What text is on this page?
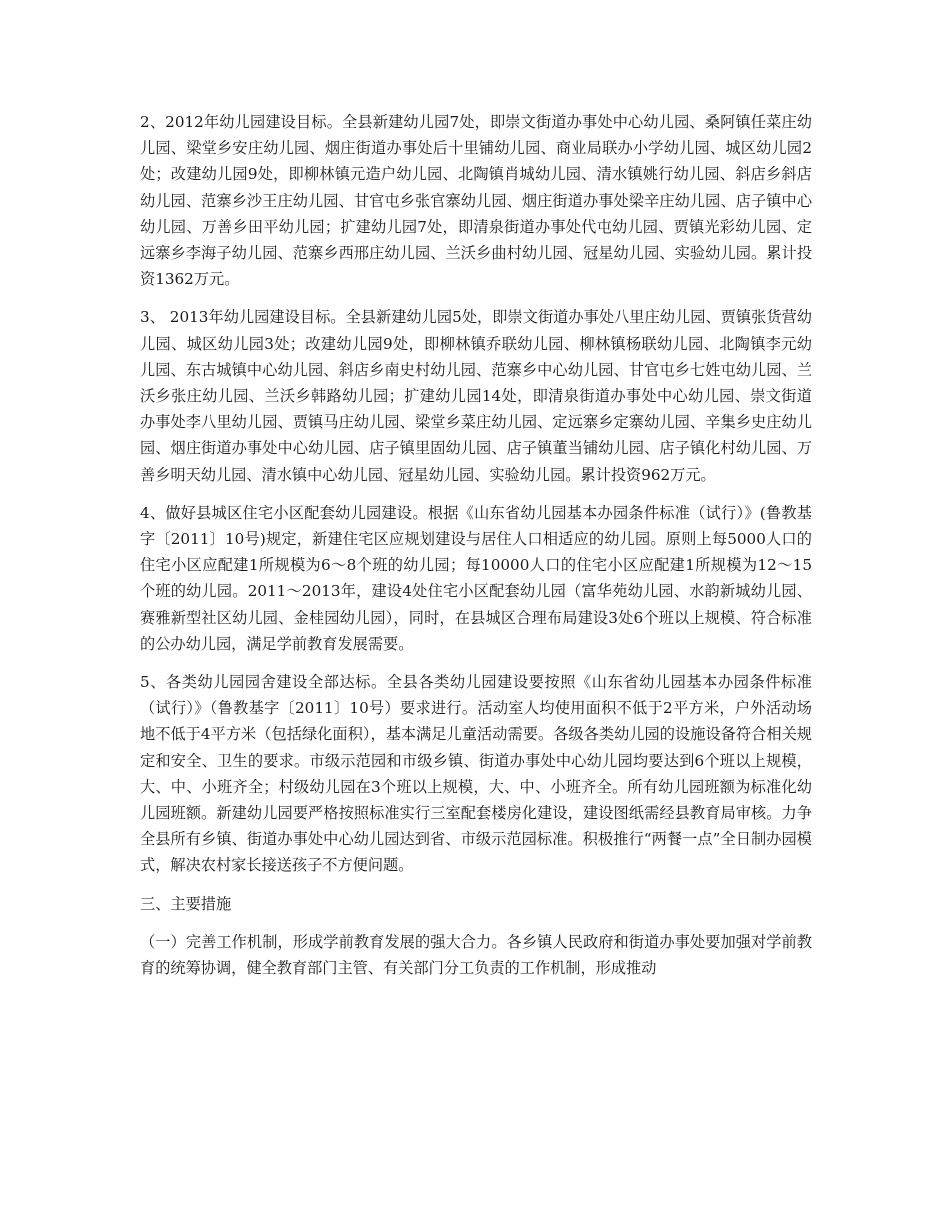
2、2012年幼儿园建设目标。全县新建幼儿园7处，即崇文街道办事处中心幼儿园、桑阿镇任菜庄幼儿园、梁堂乡安庄幼儿园、烟庄街道办事处后十里铺幼儿园、商业局联办小学幼儿园、城区幼儿园2处；改建幼儿园9处，即柳林镇元造户幼儿园、北陶镇肖城幼儿园、清水镇姚行幼儿园、斜店乡斜店幼儿园、范寨乡沙王庄幼儿园、甘官屯乡张官寨幼儿园、烟庄街道办事处梁辛庄幼儿园、店子镇中心幼儿园、万善乡田平幼儿园；扩建幼儿园7处，即清泉街道办事处代屯幼儿园、贾镇光彩幼儿园、定远寨乡李海子幼儿园、范寨乡西邢庄幼儿园、兰沃乡曲村幼儿园、冠星幼儿园、实验幼儿园。累计投资1362万元。

3、 2013年幼儿园建设目标。全县新建幼儿园5处，即崇文街道办事处八里庄幼儿园、贾镇张货营幼儿园、城区幼儿园3处；改建幼儿园9处，即柳林镇乔联幼儿园、柳林镇杨联幼儿园、北陶镇李元幼儿园、东古城镇中心幼儿园、斜店乡南史村幼儿园、范寨乡中心幼儿园、甘官屯乡七姓屯幼儿园、兰沃乡张庄幼儿园、兰沃乡韩路幼儿园；扩建幼儿园14处，即清泉街道办事处中心幼儿园、崇文街道办事处李八里幼儿园、贾镇马庄幼儿园、梁堂乡菜庄幼儿园、定远寨乡定寨幼儿园、辛集乡史庄幼儿园、烟庄街道办事处中心幼儿园、店子镇里固幼儿园、店子镇董当铺幼儿园、店子镇化村幼儿园、万善乡明天幼儿园、清水镇中心幼儿园、冠星幼儿园、实验幼儿园。累计投资962万元。

4、做好县城区住宅小区配套幼儿园建设。根据《山东省幼儿园基本办园条件标准（试行）》(鲁教基字〔2011〕10号)规定，新建住宅区应规划建设与居住人口相适应的幼儿园。原则上每5000人口的住宅小区应配建1所规模为6～8个班的幼儿园；每10000人口的住宅小区应配建1所规模为12～15个班的幼儿园。2011～2013年，建设4处住宅小区配套幼儿园（富华苑幼儿园、水韵新城幼儿园、赛雅新型社区幼儿园、金桂园幼儿园），同时，在县城区合理布局建设3处6个班以上规模、符合标准的公办幼儿园，满足学前教育发展需要。

5、各类幼儿园园舍建设全部达标。全县各类幼儿园建设要按照《山东省幼儿园基本办园条件标准（试行）》（鲁教基字〔2011〕10号）要求进行。活动室人均使用面积不低于2平方米，户外活动场地不低于4平方米（包括绿化面积），基本满足儿童活动需要。各级各类幼儿园的设施设备符合相关规定和安全、卫生的要求。市级示范园和市级乡镇、街道办事处中心幼儿园均要达到6个班以上规模，大、中、小班齐全；村级幼儿园在3个班以上规模，大、中、小班齐全。所有幼儿园班额为标准化幼儿园班额。新建幼儿园要严格按照标准实行三室配套楼房化建设，建设图纸需经县教育局审核。力争全县所有乡镇、街道办事处中心幼儿园达到省、市级示范园标准。积极推行“两餐一点”全日制办园模式，解决农村家长接送孩子不方便问题。

三、主要措施

（一）完善工作机制，形成学前教育发展的强大合力。各乡镇人民政府和街道办事处要加强对学前教育的统筹协调，健全教育部门主管、有关部门分工负责的工作机制，形成推动
